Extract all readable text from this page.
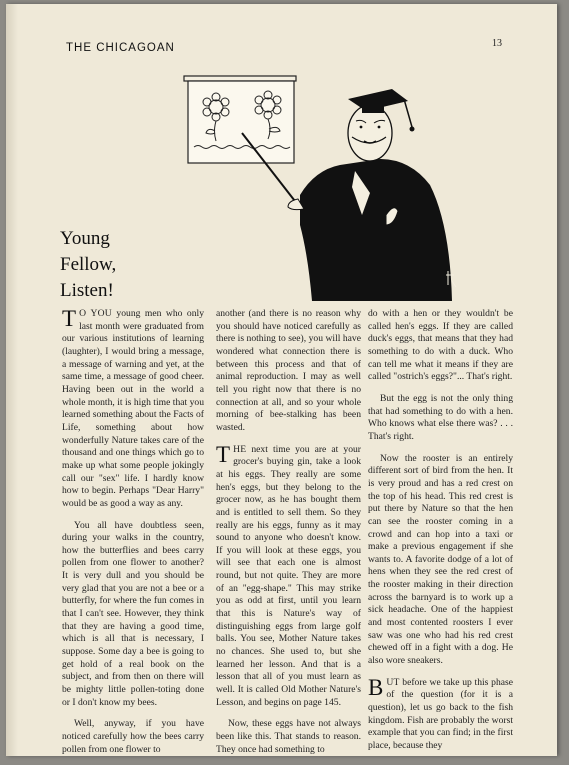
THE CHICAGOAN	13
Young
Fellow,
Listen!

T O YOU young men who only last month were graduated from our various institutions of learning (laughter), I would bring a message, a message of warning and yet, at the same time, a message of good cheer. Having been out in the world a whole month, it is high time that you learned something about the Facts of Life, something about how wonderfully Nature takes care of the thousand and one things which go to make up what some people jokingly call our "sex" life. I hardly know how to begin. Perhaps "Dear Harry" would be as good a way as any.

You all have doubtless seen, during your walks in the country, how the butterflies and bees carry pollen from one flower to another? It is very dull and you should be very glad that you are not a bee or a butterfly, for where the fun comes in that I can't see. However, they think that they are having a good time, which is all that is necessary, I suppose. Some day a bee is going to get hold of a real book on the subject, and from then on there will be mighty little pollen-toting done or I don't know my bees.

Well, anyway, if you have noticed carefully how the bees carry pollen from one flower to

another (and there is no reason why you should have noticed carefully as there is nothing to see), you will have wondered what connection there is between this process and that of animal reproduction. I may as well tell you right now that there is no connection at all, and so your whole morning of bee-stalking has been wasted.

THE next time you are at your grocer's buying gin, take a look at his eggs. They really are some hen's eggs, but they belong to the grocer now, as he has bought them and is entitled to sell them. So they really are his eggs, funny as it may sound to anyone who doesn't know. If you will look at these eggs, you will see that each one is almost round, but not quite. They are more of an "egg-shape." This may strike you as odd at first, until you learn that this is Nature's way of distinguishing eggs from large golf balls. You see, Mother Nature takes no chances. She used to, but she learned her lesson. And that is a lesson that all of you must learn as well. It is called Old Mother Nature's Lesson, and begins on page 145.

Now, these eggs have not always been like this. That stands to reason. They once had something to

do with a hen or they wouldn't be called hen's eggs. If they are called duck's eggs, that means that they had something to do with a duck. Who can tell me what it means if they are called "ostrich's eggs?"... That's right.

But the egg is not the only thing that had something to do with a hen. Who knows what else there was? . . . That's right.

Now the rooster is an entirely different sort of bird from the hen. It is very proud and has a red crest on the top of his head. This red crest is put there by Nature so that the hen can see the rooster coming in a crowd and can hop into a taxi or make a previous engagement if she wants to. A favorite dodge of a lot of hens when they see the red crest of the rooster making in their direction across the barnyard is to work up a sick headache. One of the happiest and most contented roosters I ever saw was one who had his red crest chewed off in a fight with a dog. He also wore sneakers.

BUT before we take up this phase of the question (for it is a question), let us go back to the fish kingdom. Fish are probably the worst example that you can find; in the first place, because they
